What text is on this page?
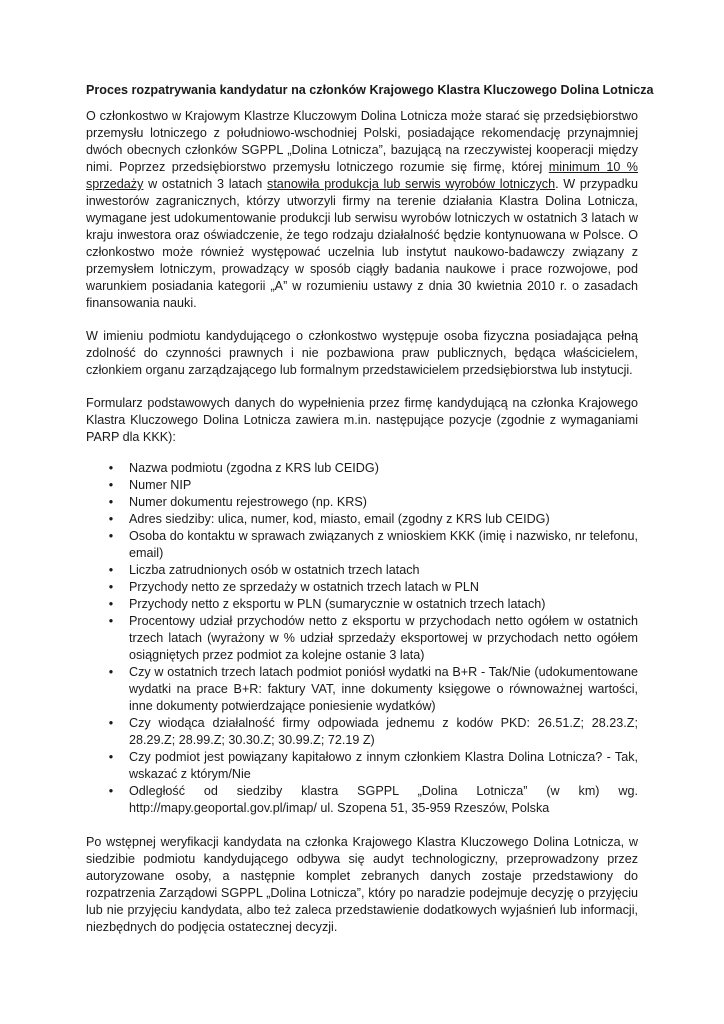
Proces rozpatrywania kandydatur na członków Krajowego Klastra Kluczowego Dolina Lotnicza

O członkostwo w Krajowym Klastrze Kluczowym Dolina Lotnicza może starać się przedsiębiorstwo przemysłu lotniczego z południowo-wschodniej Polski, posiadające rekomendację przynajmniej dwóch obecnych członków SGPPL „Dolina Lotnicza”, bazującą na rzeczywistej kooperacji między nimi. Poprzez przedsiębiorstwo przemysłu lotniczego rozumie się firmę, której minimum 10 % sprzedaży w ostatnich 3 latach stanowiła produkcja lub serwis wyrobów lotniczych. W przypadku inwestorów zagranicznych, którzy utworzyli firmy na terenie działania Klastra Dolina Lotnicza, wymagane jest udokumentowanie produkcji lub serwisu wyrobów lotniczych w ostatnich 3 latach w kraju inwestora oraz oświadczenie, że tego rodzaju działalność będzie kontynuowana w Polsce. O członkostwo może również występować uczelnia lub instytut naukowo-badawczy związany z przemysłem lotniczym, prowadzący w sposób ciągły badania naukowe i prace rozwojowe, pod warunkiem posiadania kategorii „A” w rozumieniu ustawy z dnia 30 kwietnia 2010 r. o zasadach finansowania nauki.

W imieniu podmiotu kandydującego o członkostwo występuje osoba fizyczna posiadająca pełną zdolność do czynności prawnych i nie pozbawiona praw publicznych, będąca właścicielem, członkiem organu zarządzającego lub formalnym przedstawicielem przedsiębiorstwa lub instytucji.

Formularz podstawowych danych do wypełnienia przez firmę kandydującą na członka Krajowego Klastra Kluczowego Dolina Lotnicza zawiera m.in. następujące pozycje (zgodnie z wymaganiami PARP dla KKK):

• Nazwa podmiotu (zgodna z KRS lub CEIDG)
• Numer NIP
• Numer dokumentu rejestrowego (np. KRS)
• Adres siedziby: ulica, numer, kod, miasto, email (zgodny z KRS lub CEIDG)
• Osoba do kontaktu w sprawach związanych z wnioskiem KKK (imię i nazwisko, nr telefonu, email)
• Liczba zatrudnionych osób w ostatnich trzech latach
• Przychody netto ze sprzedaży w ostatnich trzech latach w PLN
• Przychody netto z eksportu w PLN (sumarycznie w ostatnich trzech latach)
• Procentowy udział przychodów netto z eksportu w przychodach netto ogółem w ostatnich trzech latach (wyrażony w % udział sprzedaży eksportowej w przychodach netto ogółem osiągniętych przez podmiot za kolejne ostanie 3 lata)
• Czy w ostatnich trzech latach podmiot poniósł wydatki na B+R - Tak/Nie (udokumentowane wydatki na prace B+R: faktury VAT, inne dokumenty księgowe o równoważnej wartości, inne dokumenty potwierdzające poniesienie wydatków)
• Czy wiodąca działalność firmy odpowiada jednemu z kodów PKD: 26.51.Z; 28.23.Z; 28.29.Z; 28.99.Z; 30.30.Z; 30.99.Z; 72.19 Z)
• Czy podmiot jest powiązany kapitałowo z innym członkiem Klastra Dolina Lotnicza? - Tak, wskazać z którym/Nie
• Odległość od siedziby klastra SGPPL „Dolina Lotnicza” (w km) wg. http://mapy.geoportal.gov.pl/imap/ ul. Szopena 51, 35-959 Rzeszów, Polska

Po wstępnej weryfikacji kandydata na członka Krajowego Klastra Kluczowego Dolina Lotnicza, w siedzibie podmiotu kandydującego odbywa się audyt technologiczny, przeprowadzony przez autoryzowane osoby, a następnie komplet zebranych danych zostaje przedstawiony do rozpatrzenia Zarządowi SGPPL „Dolina Lotnicza”, który po naradzie podejmuje decyzję o przyjęciu lub nie przyjęciu kandydata, albo też zaleca przedstawienie dodatkowych wyjaśnień lub informacji, niezbędnych do podjęcia ostatecznej decyzji.
